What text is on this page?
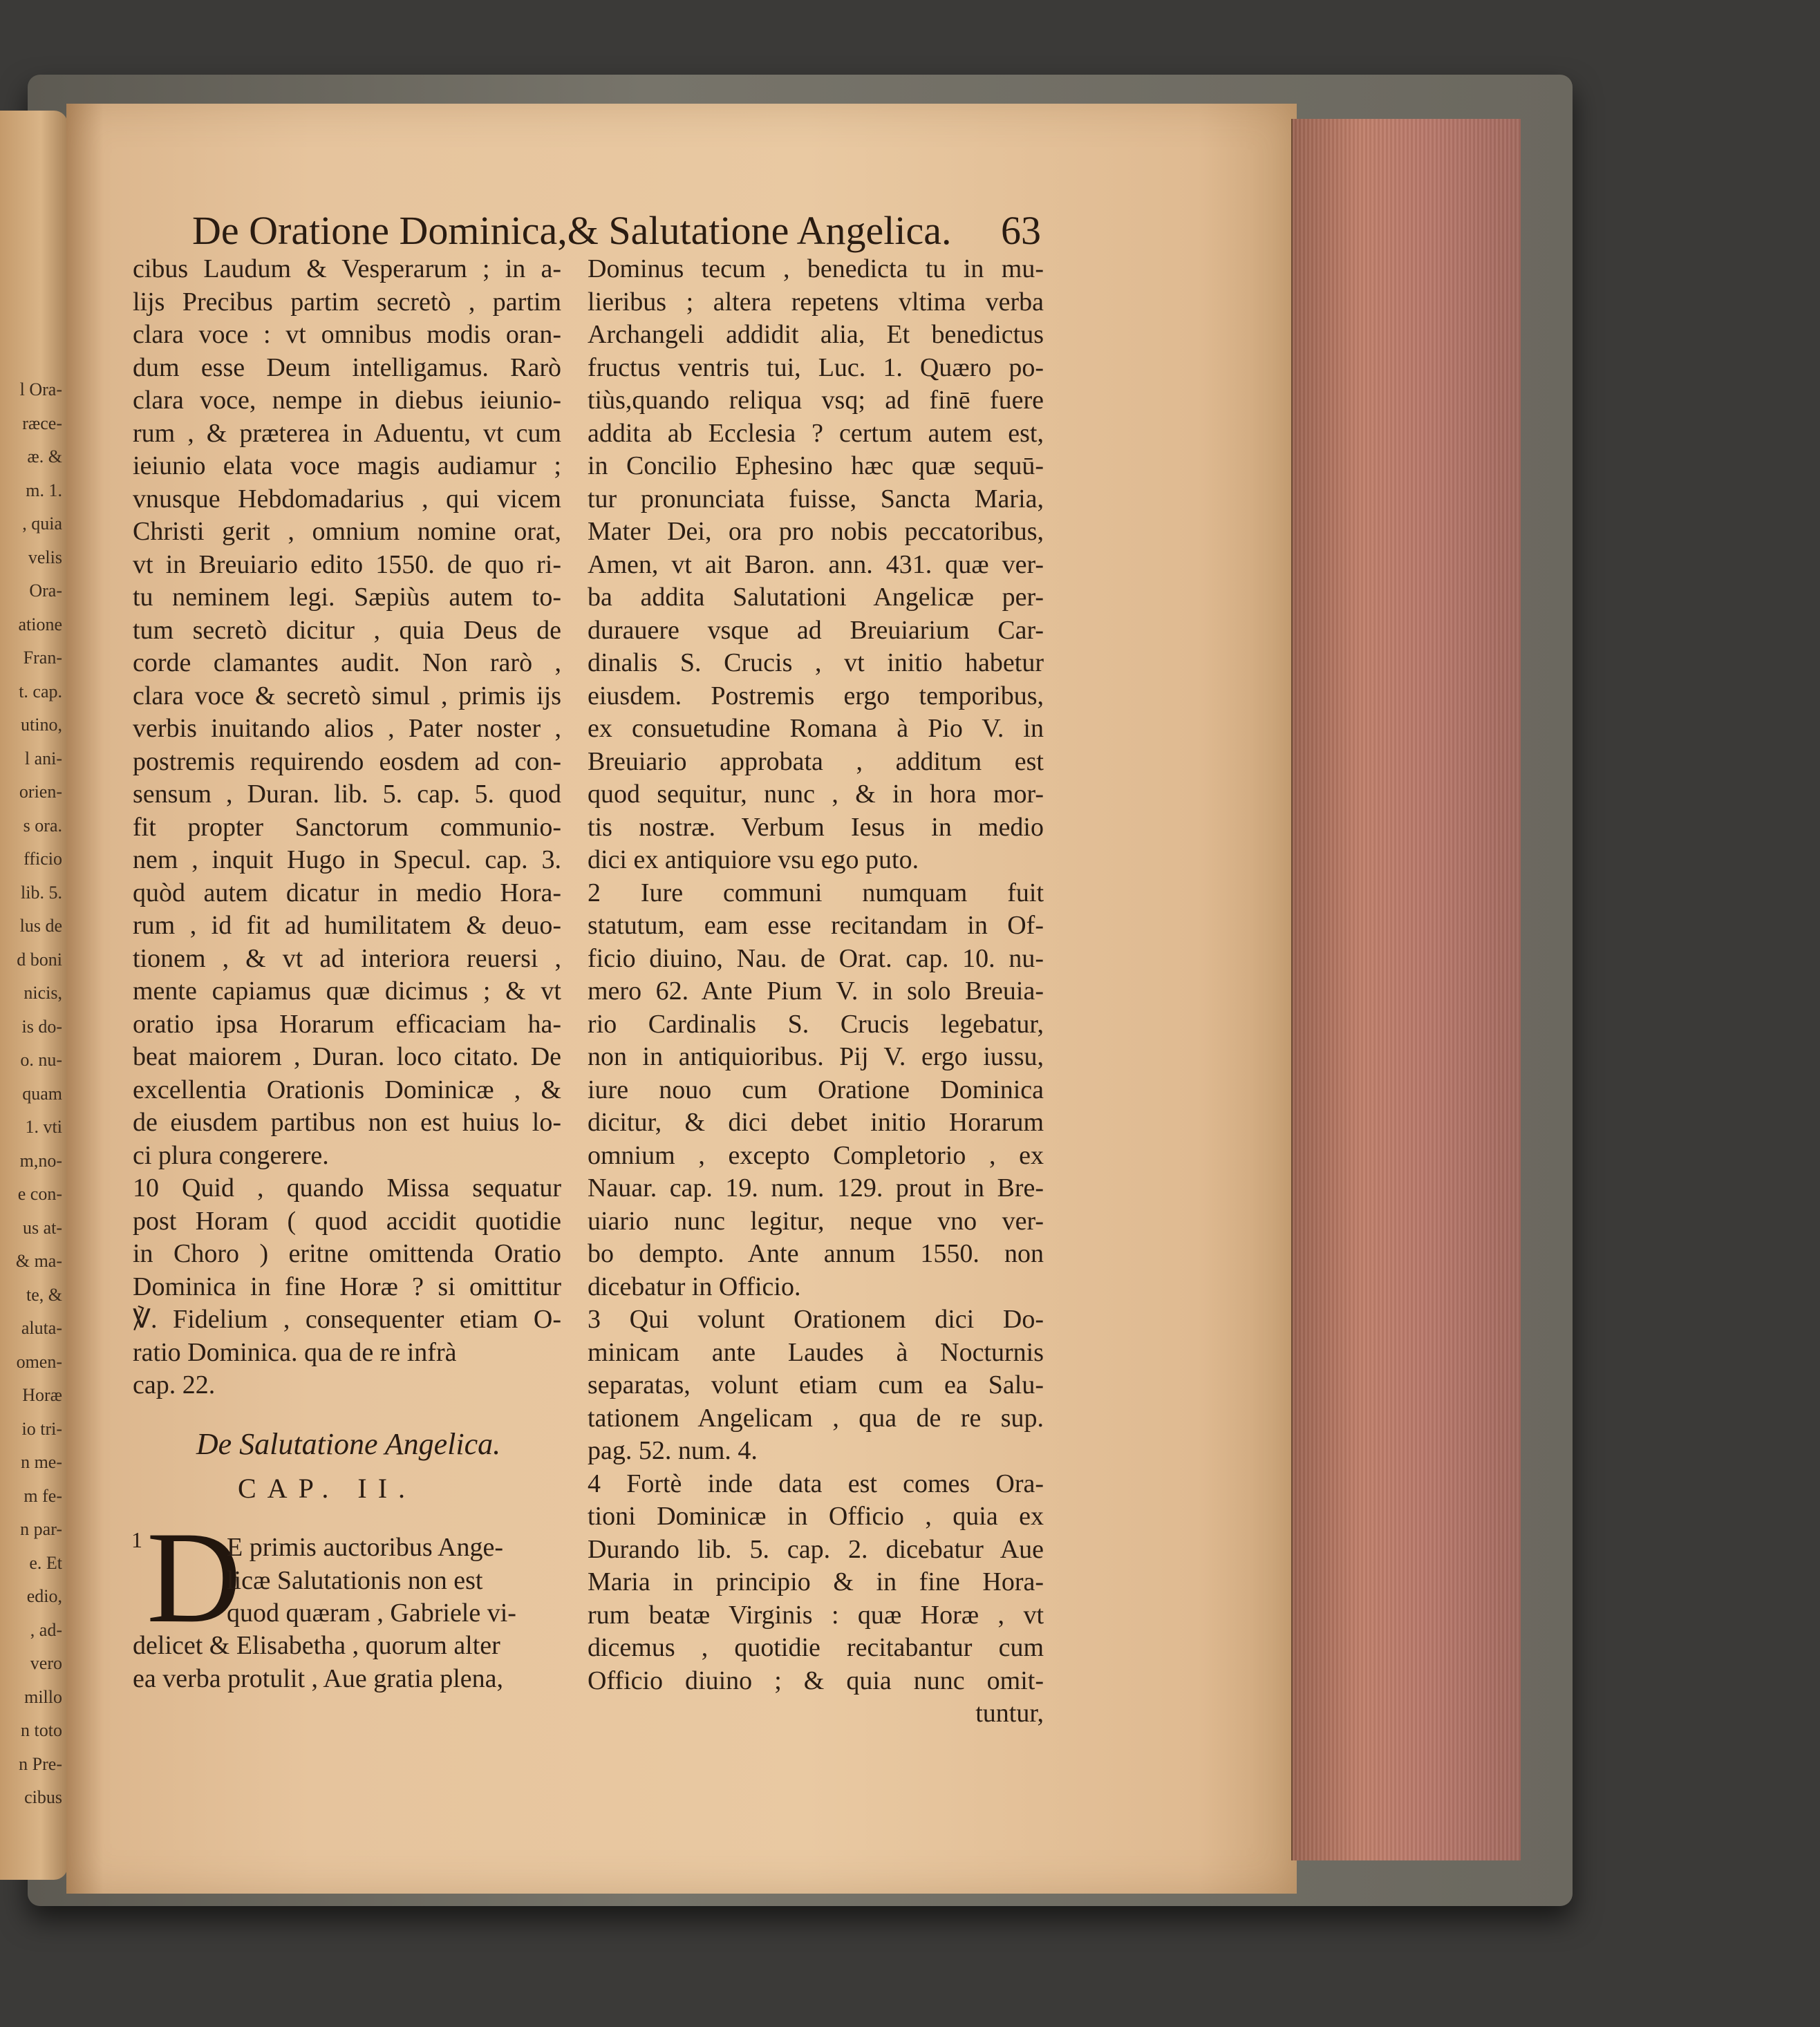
l Ora-
ræce-
æ. &
m. 1.
, quia
velis
Ora-
atione
Fran-
t. cap.
utino,
l ani-
orien-
s ora.
fficio
lib. 5.
lus de
d boni
nicis,
is do-
o. nu-
quam
1. vti
m,no-
e con-
us at-
& ma-
te, &
aluta-
omen-
Horæ
io tri-
n me-
m fe-
n par-
e. Et
edio,
, ad-
vero
millo
n toto
n Pre-
cibus
De Oratione Dominica,& Salutatione Angelica. 63
cibus Laudum & Vesperarum ; in a-
lijs Precibus partim secretò , partim
clara voce : vt omnibus modis oran-
dum esse Deum intelligamus. Rarò
clara voce, nempe in diebus ieiunio-
rum , & præterea in Aduentu, vt cum
ieiunio elata voce magis audiamur ;
vnusque Hebdomadarius , qui vicem
Christi gerit , omnium nomine orat,
vt in Breuiario edito 1550. de quo ri-
tu neminem legi. Sæpiùs autem to-
tum secretò dicitur , quia Deus de
corde clamantes audit. Non rarò ,
clara voce & secretò simul , primis ijs
verbis inuitando alios , Pater noster ,
postremis requirendo eosdem ad con-
sensum , Duran. lib. 5. cap. 5. quod
fit propter Sanctorum communio-
nem , inquit Hugo in Specul. cap. 3.
quòd autem dicatur in medio Hora-
rum , id fit ad humilitatem & deuo-
tionem , & vt ad interiora reuersi ,
mente capiamus quæ dicimus ; & vt
oratio ipsa Horarum efficaciam ha-
beat maiorem , Duran. loco citato. De
excellentia Orationis Dominicæ , &
de eiusdem partibus non est huius lo-
ci plura congerere.
10 Quid , quando Missa sequatur
post Horam ( quod accidit quotidie
in Choro ) eritne omittenda Oratio
Dominica in fine Horæ ? si omittitur
℣. Fidelium , consequenter etiam O-
ratio Dominica. qua de re infrà
cap. 22.
De Salutatione Angelica.
CAP. II.
1 D
E primis auctoribus Ange-
licæ Salutationis non est
quod quæram , Gabriele vi-
delicet & Elisabetha , quorum alter
ea verba protulit , Aue gratia plena,
Dominus tecum , benedicta tu in mu-
lieribus ; altera repetens vltima verba
Archangeli addidit alia, Et benedictus
fructus ventris tui, Luc. 1. Quæro po-
tiùs,quando reliqua vsq; ad finē fuere
addita ab Ecclesia ? certum autem est,
in Concilio Ephesino hæc quæ sequū-
tur pronunciata fuisse, Sancta Maria,
Mater Dei, ora pro nobis peccatoribus,
Amen, vt ait Baron. ann. 431. quæ ver-
ba addita Salutationi Angelicæ per-
durauere vsque ad Breuiarium Car-
dinalis S. Crucis , vt initio habetur
eiusdem. Postremis ergo temporibus,
ex consuetudine Romana à Pio V. in
Breuiario approbata , additum est
quod sequitur, nunc , & in hora mor-
tis nostræ. Verbum Iesus in medio
dici ex antiquiore vsu ego puto.
2 Iure communi numquam fuit
statutum, eam esse recitandam in Of-
ficio diuino, Nau. de Orat. cap. 10. nu-
mero 62. Ante Pium V. in solo Breuia-
rio Cardinalis S. Crucis legebatur,
non in antiquioribus. Pij V. ergo iussu,
iure nouo cum Oratione Dominica
dicitur, & dici debet initio Horarum
omnium , excepto Completorio , ex
Nauar. cap. 19. num. 129. prout in Bre-
uiario nunc legitur, neque vno ver-
bo dempto. Ante annum 1550. non
dicebatur in Officio.
3 Qui volunt Orationem dici Do-
minicam ante Laudes à Nocturnis
separatas, volunt etiam cum ea Salu-
tationem Angelicam , qua de re sup.
pag. 52. num. 4.
4 Fortè inde data est comes Ora-
tioni Dominicæ in Officio , quia ex
Durando lib. 5. cap. 2. dicebatur Aue
Maria in principio & in fine Hora-
rum beatæ Virginis : quæ Horæ , vt
dicemus , quotidie recitabantur cum
Officio diuino ; & quia nunc omit-
tuntur,
